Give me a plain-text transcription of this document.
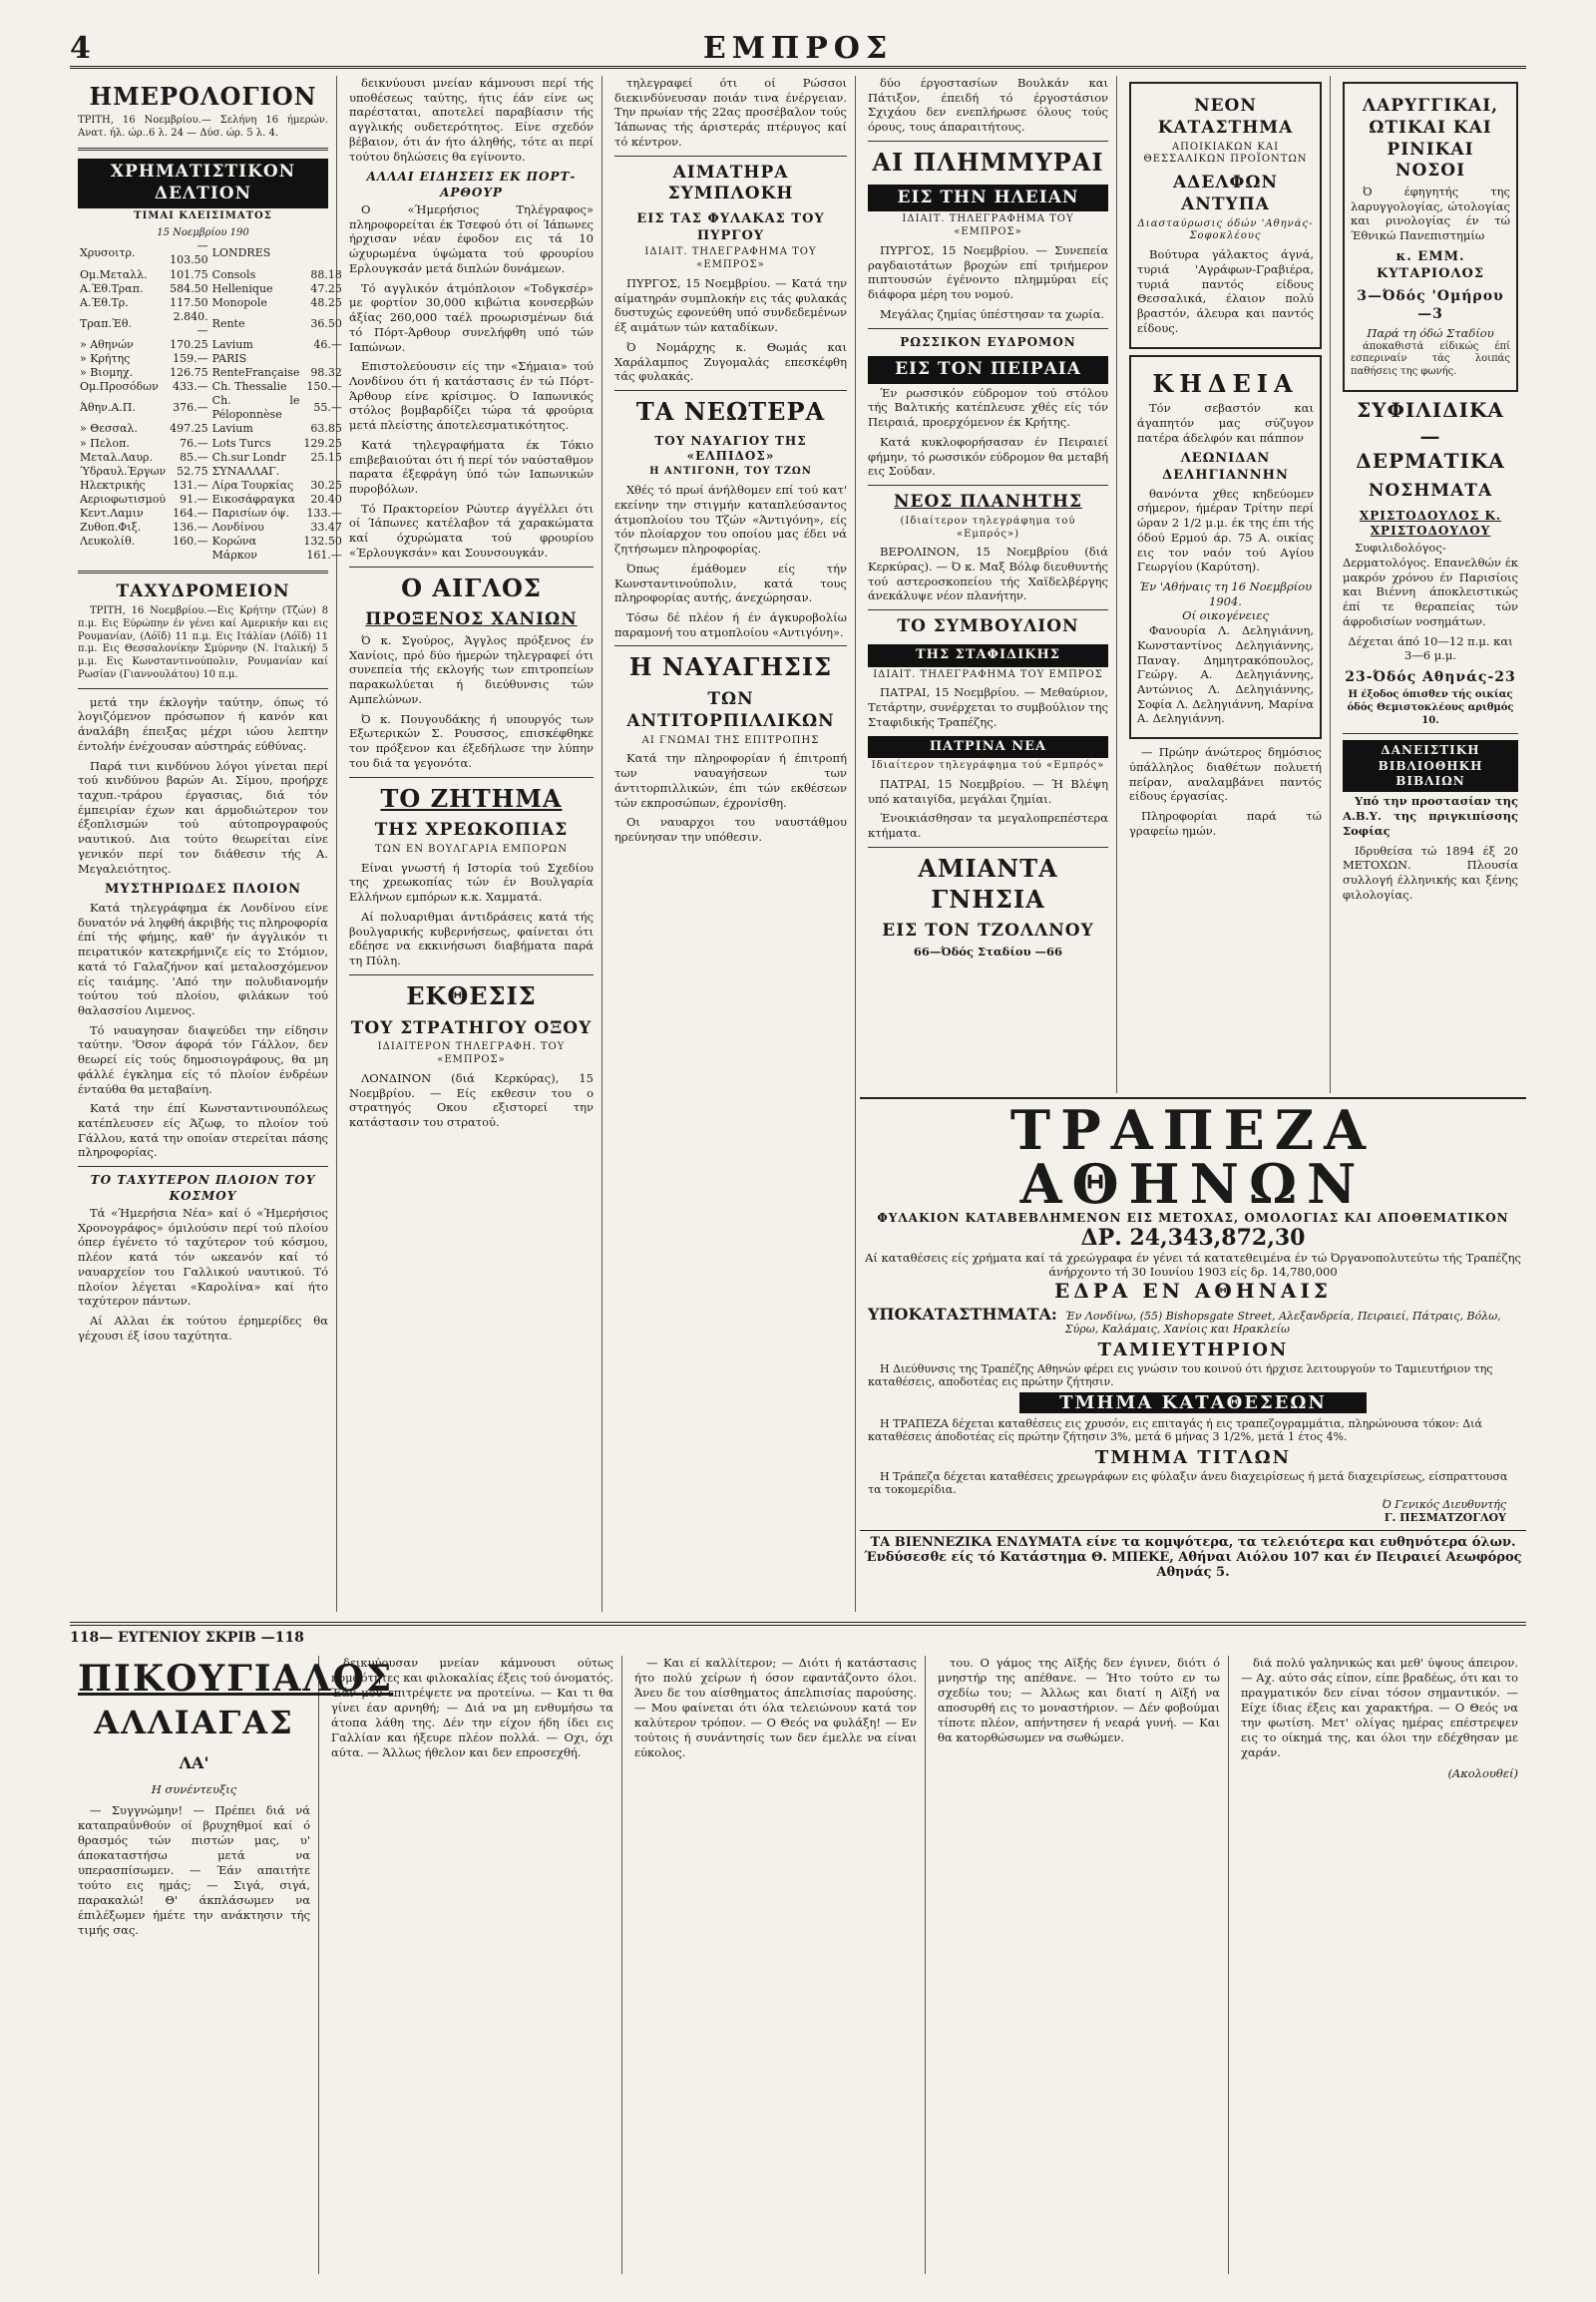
4	ΕΜΠΡΟΣ
ΗΜΕΡΟΛΟΓΙΟΝ
ΤΡΙΤΗ, 16 Νοεμβρίου.— Σελήνη 16 ήμερών. Ανατ. ήλ. ώρ..6 λ. 24 — Δύσ. ώρ. 5 λ. 4.
ΧΡΗΜΑΤΙΣΤΙΚΟΝ ΔΕΛΤΙΟΝ
ΤΙΜΑΙ ΚΛΕΙΣΙΜΑΤΟΣ
15 Νοεμβρίου 190
Χρυσοιτρ.	—103.50	LONDRES	
Ομ.Μεταλλ.	101.75	Consols	88.18
Α.Έθ.Τραπ.	584.50	Hellenique	47.25
Α.Έθ.Τρ.	117.50	Monopole	48.25
Τραπ.Έθ.	2.840.—	Rente	36.50
» Αθηνών	170.25	Lavium	46.—
» Κρήτης	159.—	PARIS	
» Βιομηχ.	126.75	RenteFrançaise	98.32
Ομ.Προσόδων	433.—	Ch. Thessalie	150.—
Άθην.Α.Π.	376.—	Ch. le Péloponnèse	55.—
» Θεσσαλ.	497.25	Lavium	63.85
» Πελοπ.	76.—	Lots Turcs	129.25
Μεταλ.Λαυρ.	85.—	Ch.sur Londr	25.15
Ύδραυλ.Έργων	52.75	ΣΥΝΑΛΛΑΓ.	
Ηλεκτρικής	131.—	Λίρα Τουρκίας	30.25
Αεριοφωτισμού	91.—	Εικοσάφραγκα	20.40
Κεντ.Λαμιν	164.—	Παρισίων όψ.	133.—
Ζυθοπ.Φιξ.	136.—	Λονδίνου	33.47
Λευκολίθ.	160.—	Κορώνα	132.50
		Μάρκον	161.—
ΤΑΧΥΔΡΟΜΕΙΟΝ

ΤΡΙΤΗ, 16 Νοεμβρίου.—Εις Κρήτην (Τζών) 8 π.μ. Εις Εύρώπην έν γένει καί Αμερικήν και εις Ρουμανίαν, (Λόϊδ) 11 π.μ. Εις Ιτάλίαν (Λόϊδ) 11 π.μ. Εις Θεσσαλονίκην Σμύρνην (Ν. Ιταλική) 5 μ.μ. Εις Κωνσταντινούπολιν, Ρουμανίαν καί Ρωσίαν (Γιαννουλάτου) 10 π.μ.

μετά την έκλογήν ταύτην, όπως τό λογιζόμενον πρόσωπον ή κανόν και άναλάβη έπειξας μέχρι ιώου λεπτην έντολήν ένέχουσαν αύστηράς εύθύνας.

Παρά τινι κινδύνου λόγοι γίνεται περί τού κινδύνου βαρών Αι. Σίμου, προήρχε ταχυπ.-τράρου έργασιας, διά τόν έμπειρίαν έχων και άρμοδιώτερον τον έξοπλισμών τού αύτοπρογραφούς ναυτικού. Δια τούτο θεωρείται είνε γενικόν περί τον διάθεσιν τής Α. Μεγαλειότητος.

ΜΥΣΤΗΡΙΩΔΕΣ ΠΛΟΙΟΝ

Κατά τηλεγράφημα έκ Λονδίνου είνε δυνατόν νά ληφθή άκριβής τις πληροφορία έπί τής φήμης, καθ' ήν άγγλικόν τι πειρατικόν κατεκρήμνιζε είς το Στόμιον, κατά τό Γαλαζήνον καί μεταλοσχόμενον είς ταιάμης. 'Από την πολυδιανομήν τούτου τού πλοίου, φιλάκων τού θαλασσίου Λιμενος.

Τό ναυαγησαν διαψεύδει την είδησιν ταύτην. 'Όσον άφορά τόν Γάλλον, δεν θεωρεί είς τούς δημοσιογράφους, θα μη φάλλέ έγκλημα είς τό πλοίον ένδρέων ένταύθα θα μεταβαίνη.

Κατά την έπί Κωνσταντινουπόλεως κατέπλευσεν είς Άζωφ, το πλοίον τού Γάλλου, κατά την οποίαν στερείται πάσης πληροφορίας.

ΤΟ ΤΑΧΥΤΕΡΟΝ ΠΛΟΙΟΝ ΤΟΥ ΚΟΣΜΟΥ

Τά «Ήμερήσια Νέα» καί ό «Ήμερήσιος Χρονογράφος» όμιλούσιν περί τού πλοίου όπερ έγένετο τό ταχύτερον τού κόσμου, πλέον κατά τόν ωκεανόν καί τό ναυαρχείον του Γαλλικού ναυτικού. Τό πλοίον λέγεται «Καρολίνα» καί ήτο ταχύτερον πάντων.

Αί Αλλαι έκ τούτου έρημερίδες θα γέχουσι έξ ίσου ταχύτητα.

δεικνύουσι μνείαν κάμνουσι περί τής υποθέσεως ταύτης, ήτις έάν είνε ως παρέσταται, αποτελεί παραβίασιν τής αγγλικής ουδετερότητος. Είνε σχεδόν βέβαιον, ότι άν ήτο άληθής, τότε αι περί τούτου δηλώσεις θα εγίνοντο.

ΑΛΛΑΙ ΕΙΔΗΣΕΙΣ ΕΚ ΠΟΡΤ-ΑΡΘΟΥΡ

Ο «Ήμερήσιος Τηλέγραφος» πληροφορείται έκ Τσεφού ότι οί Ίάπωνες ήρχισαν νέαν έφοδον εις τά 10 ώχυρωμένα ύψώματα τού φρουρίου Ερλουγκσάν μετά διπλών δυνάμεων.

Τό αγγλικόν άτμόπλοιον «Τοδγκσέρ» με φορτίον 30,000 κιβώτια κονσερβών άξίας 260,000 ταέλ προωρισμένων διά τό Πόρτ-Άρθουρ συνελήφθη υπό τών Ιαπώνων.

Επιστολεύουσιν είς την «Σήμαια» τού Λονδίνου ότι ή κατάστασις έν τώ Πόρτ-Άρθουρ είνε κρίσιμος. Ό Ιαπωνικός στόλος βομβαρδίζει τώρα τά φρούρια μετά πλείστης άποτελεσματικότητος.

Κατά τηλεγραφήματα έκ Τόκιο επιβεβαιούται ότι ή περί τόν ναύσταθμον παρατα έξεφράγη ύπό τών Ιαπωνικών πυροβόλων.

Τό Πρακτορείον Ρώυτερ άγγέλλει ότι οί Ίάπωνες κατέλαβον τά χαρακώματα καί όχυρώματα τού φρουρίου «Έρλουγκσάν» και Σουνσουγκάν.

Ο ΑΙΓΛΟΣ
ΠΡΟΞΕΝΟΣ ΧΑΝΙΩΝ

Ό κ. Σγούρος, Άγγλος πρόξενος έν Χανίοις, πρό δύο ήμερών τηλεγραφεί ότι συνεπεία τής εκλογής των επιτροπείων παρακωλύεται ή διεύθυνσις τών Αμπελώνων.

Ό κ. Πουγουδάκης ή υπουργός των Εξωτερικών Σ. Ρουσσος, επισκέφθηκε τον πρόξενον και έξεδήλωσε την λύπην του διά τα γεγονότα.

ΤΟ ΖΗΤΗΜΑ
ΤΗΣ ΧΡΕΩΚΟΠΙΑΣ
ΤΩΝ ΕΝ ΒΟΥΛΓΑΡΙΑ ΕΜΠΟΡΩΝ

Είναι γνωστή ή Ιστορία τού Σχεδίου της χρεωκοπίας τών έν Βουλγαρία Ελλήνων εμπόρων κ.κ. Χαμματά.

Αί πολυαριθμαι άντιδράσεις κατά τής βουλγαρικής κυβερνήσεως, φαίνεται ότι εδέησε να εκκινήσωσι διαβήματα παρά τη Πύλη.

ΕΚΘΕΣΙΣ
ΤΟΥ ΣΤΡΑΤΗΓΟΥ ΟΞΟΥ
ΙΔΙΑΙΤΕΡΟΝ ΤΗΛΕΓΡΑΦΗ. ΤΟΥ «ΕΜΠΡΟΣ»

ΛΟΝΔΙΝΟΝ (διά Κερκύρας), 15 Νοεμβρίου. — Είς εκθεσιν του ο στρατηγός Οκου εξιστορεί την κατάστασιν του στρατού.

τηλεγραφεί ότι οί Ρώσσοι διεκινδύνευσαν ποιάν τινα ένέργειαν. Την πρωίαν τής 22ας προσέβαλον τούς Ίάπωνας τής άριστεράς πτέρυγος καί τό κέντρον.

ΑΙΜΑΤΗΡΑ ΣΥΜΠΛΟΚΗ
ΕΙΣ ΤΑΣ ΦΥΛΑΚΑΣ ΤΟΥ ΠΥΡΓΟΥ
ΙΔΙΑΙΤ. ΤΗΛΕΓΡΑΦΗΜΑ ΤΟΥ «ΕΜΠΡΟΣ»

ΠΥΡΓΟΣ, 15 Νοεμβρίου. — Κατά την αίματηράν συμπλοκήν εις τάς φυλακάς δυστυχώς εφονεύθη υπό συνδεδεμένων έξ αιμάτων τών καταδίκων.

Ό Νομάρχης κ. Θωμάς και Χαράλαμπος Ζυγομαλάς επεσκέφθη τάς φυλακάς.

ΤΑ ΝΕΩΤΕΡΑ
ΤΟΥ ΝΑΥΑΓΙΟΥ ΤΗΣ «ΕΛΠΙΔΟΣ»
Η ΑΝΤΙΓΟΝΗ, ΤΟΥ ΤΖΩΝ

Χθές τό πρωί άνήλθομεν επί τού κατ' εκείνην την στιγμήν καταπλεύσαντος άτμοπλοίου του Τζών «Άντιγόνη», είς τόν πλοίαρχον του οποίου μας έδει νά ζητήσωμεν πληροφορίας.

Όπως έμάθομεν είς τήν Κωνσταντινούπολιν, κατά τους πληροφορίας αυτής, άνεχώρησαν.

Τόσω δέ πλέον ή έν άγκυροβολίω παραμονή του ατμοπλοίου «Αντιγόνη».

Η ΝΑΥΑΓΗΣΙΣ
ΤΩΝ ΑΝΤΙΤΟΡΠΙΛΛΙΚΩΝ
ΑΙ ΓΝΩΜΑΙ ΤΗΣ ΕΠΙΤΡΟΠΗΣ

Κατά την πληροφορίαν ή έπιτροπή των ναυαγήσεων των άντιτορπιλλικών, έπι τών εκθέσεων τών εκπροσώπων, έχρονίσθη.

Οι ναυαρχοι του ναυστάθμου ηρεύνησαν την υπόθεσιν.

δύο έργοστασίων Βουλκάν και Πάτιξον, έπειδή τό έργοστάσιον Σχιχάου δεν ενεπλήρωσε όλους τούς όρους, τους άπαραιτήτους.

ΑΙ ΠΛΗΜΜΥΡΑΙ
ΕΙΣ ΤΗΝ ΗΛΕΙΑΝ
ΙΔΙΑΙΤ. ΤΗΛΕΓΡΑΦΗΜΑ ΤΟΥ «ΕΜΠΡΟΣ»

ΠΥΡΓΟΣ, 15 Νοεμβρίου. — Συνεπεία ραγδαιοτάτων βροχών επί τριήμερον πιπτουσών έγένοντο πλημμύραι είς διάφορα μέρη του νομού.

Μεγάλας ζημίας ύπέστησαν τα χωρία.

ΡΩΣΣΙΚΟΝ ΕΥΔΡΟΜΟΝ
ΕΙΣ ΤΟΝ ΠΕΙΡΑΙΑ

Έν ρωσσικόν εύδρομον τού στόλου τής Βαλτικής κατέπλευσε χθές είς τόν Πειραιά, προερχόμενον έκ Κρήτης.

Κατά κυκλοφορήσασαν έν Πειραιεί φήμην, τό ρωσσικόν εύδρομον θα μεταβή εις Σούδαν.

ΝΕΟΣ ΠΛΑΝΗΤΗΣ
(Ιδιαίτερον τηλεγράφημα τού «Εμπρός»)

ΒΕΡΟΛΙΝΟΝ, 15 Νοεμβρίου (διά Κερκύρας). — Ό κ. Μαξ Βόλφ διευθυντής τού αστεροσκοπείου τής Χαϊδελβέργης άνεκάλυψε νέον πλανήτην.

ΤΟ ΣΥΜΒΟΥΛΙΟΝ
ΤΗΣ ΣΤΑΦΙΔΙΚΗΣ
ΙΔΙΑΙΤ. ΤΗΛΕΓΡΑΦΗΜΑ ΤΟΥ ΕΜΠΡΟΣ

ΠΑΤΡΑΙ, 15 Νοεμβρίου. — Μεθαύριον, Τετάρτην, συνέρχεται το συμβούλιον της Σταφιδικής Τραπέζης.

ΠΑΤΡΙΝΑ ΝΕΑ
Ιδιαίτερον τηλεγράφημα τού «Εμπρός»

ΠΑΤΡΑΙ, 15 Νοεμβρίου. — Ή Βλέψη υπό καταιγίδα, μεγάλαι ζημίαι.

Ένοικιάσθησαν τα μεγαλοπρεπέστερα κτήματα.

ΑΜΙΑΝΤΑ ΓΝΗΣΙΑ
ΕΙΣ ΤΟΝ ΤΖΟΛΛΝΟΥ
66—Όδός Σταδίου —66
ΝΕΟΝ ΚΑΤΑΣΤΗΜΑ
ΑΠΟΙΚΙΑΚΩΝ ΚΑΙ ΘΕΣΣΑΛΙΚΩΝ ΠΡΟΪΟΝΤΩΝ
ΑΔΕΛΦΩΝ ΑΝΤΥΠΑ
Διασταύρωσις όδών 'Αθηνάς-Σοφοκλέους

Βούτυρα γάλακτος άγνά, τυριά 'Αγράφων-Γραβιέρα, τυριά παντός είδους Θεσσαλικά, έλαιον πολύ βραστόν, άλευρα και παντός είδους.

ΚΗΔΕΙΑ

Τόν σεβαστόν και άγαπητόν μας σύζυγον πατέρα άδελφόν και πάππον

ΛΕΩΝΙΔΑΝ ΔΕΛΗΓΙΑΝΝΗΝ

θανόντα χθες κηδεύομεν σήμερον, ήμέραν Τρίτην περί ώραν 2 1/2 μ.μ. έκ της έπι τής όδού Ερμού άρ. 75 Α. οικίας εις τον ναόν τού Αγίου Γεωργίου (Καρύτση).

Έν 'Αθήναις τη 16 Νοεμβρίου 1904.
Οί οικογένειες

Φανουρία Λ. Δεληγιάννη, Κωνσταντίνος Δεληγιάννης, Παναγ. Δημητρακόπουλος, Γεώργ. Α. Δεληγιάννης, Αντώνιος Λ. Δεληγιάννης, Σοφία Λ. Δεληγιάννη, Μαρίνα Α. Δεληγιάννη.

— Πρώην άνώτερος δημόσιος ύπάλληλος διαθέτων πολυετή πείραν, αναλαμβάνει παντός είδους έργασίας.

Πληροφορίαι παρά τώ γραφείω ημών.

ΛΑΡΥΓΓΙΚΑΙ, ΩΤΙΚΑΙ ΚΑΙ ΡΙΝΙΚΑΙ ΝΟΣΟΙ

Ό έφηγητής της λαρυγγολογίας, ώτολογίας και ρινολογίας έν τώ Έθνικώ Πανεπιστημίω

κ. ΕΜΜ. ΚΥΤΑΡΙΟΛΟΣ
3—Όδός 'Ομήρου—3
Παρά τη όδώ Σταδίου

άποκαθιστά είδικώς έπί εσπεριναίν τάς λοιπάς παθήσεις της φωνής.

ΣΥΦΙΛΙΔΙΚΑ — ΔΕΡΜΑΤΙΚΑ
ΝΟΣΗΜΑΤΑ
ΧΡΙΣΤΟΔΟΥΛΟΣ Κ. ΧΡΙΣΤΟΔΟΥΛΟΥ

Συφιλιδολόγος-Δερματολόγος. Επανελθών έκ μακρόν χρόνου έν Παρισίοις και Βιέννη άποκλειστικώς έπί τε θεραπείας τών άφροδισίων νοσημάτων.

Δέχεται άπό 10—12 π.μ. και 3—6 μ.μ.
23-Όδός Αθηνάς-23
Η έξοδος όπισθεν τής οικίας όδός Θεμιστοκλέους αριθμός 10.
ΔΑΝΕΙΣΤΙΚΗ ΒΙΒΛΙΟΘΗΚΗ ΒΙΒΛΙΩΝ

Υπό την προστασίαν της Α.Β.Υ. της πριγκιπίσσης Σοφίας

Ιδρυθείσα τώ 1894 έξ 20 ΜΕΤΟΧΩΝ. Πλουσία συλλογή έλληνικής και ξένης φιλολογίας.

ΤΡΑΠΕΖΑ ΑΘΗΝΩΝ
ΦΥΛΑΚΙΟΝ ΚΑΤΑΒΕΒΛΗΜΕΝΟΝ ΕΙΣ ΜΕΤΟΧΑΣ, ΟΜΟΛΟΓΙΑΣ ΚΑΙ ΑΠΟΘΕΜΑΤΙΚΟΝ
ΔΡ. 24,343,872,30
Αί καταθέσεις είς χρήματα καί τά χρεώγραφα έν γένει τά κατατεθειμένα έν τώ Όργανοπολυτεύτω τής Τραπέζης άνήρχοντο τή 30 Ιουνίου 1903 είς δρ. 14,780,000
ΕΔΡΑ ΕΝ ΑΘΗΝΑΙΣ
ΥΠΟΚΑΤΑΣΤΗΜΑΤΑ: Έν Λονδίνω, (55) Bishopsgate Street, Αλεξανδρεία, Πειραιεί, Πάτραις, Βόλω, Σύρω, Καλάμαις, Χανίοις και Ηρακλείω
ΤΑΜΙΕΥΤΗΡΙΟΝ

Η Διεύθυνσις της Τραπέζης Αθηνών φέρει εις γνώσιν του κοινού ότι ήρχισε λειτουργούν το Ταμιευτήριον της καταθέσεις, αποδοτέας εις πρώτην ζήτησιν.

ΤΜΗΜΑ ΚΑΤΑΘΕΣΕΩΝ

Η ΤΡΑΠΕΖΑ δέχεται καταθέσεις εις χρυσόν, εις επιταγάς ή εις τραπεζογραμμάτια, πληρώνουσα τόκον: Διά καταθέσεις άποδοτέας είς πρώτην ζήτησιν 3%, μετά 6 μήνας 3 1/2%, μετά 1 έτος 4%.

ΤΜΗΜΑ ΤΙΤΛΩΝ

Η Τράπεζα δέχεται καταθέσεις χρεωγράφων εις φύλαξιν άνευ διαχειρίσεως ή μετά διαχειρίσεως, είσπραττουσα τα τοκομερίδια.

Ό Γενικός Διευθυντής
Γ. ΠΕΣΜΑΤΖΟΓΛΟΥ
ΤΑ ΒΙΕΝΝΕΖΙΚΑ ΕΝΔΥΜΑΤΑ είνε τα κομψότερα, τα τελειότερα και ευθηνότερα όλων. Ένδύσεσθε είς τό Κατάστημα Θ. ΜΠΕΚΕ, Αθήναι Αιόλου 107 και έν Πειραιεί Αεωφόρος Αθηνάς 5.
118— ΕΥΓΕΝΙΟΥ ΣΚΡΙΒ —118
ΠΙΚΟΥΓΙΑΛΟΣ
ΑΛΛΙΑΓΑΣ
ΛΑ'
Η συνέντευξις

— Συγγνώμην! — Πρέπει διά νά καταπραΰνθούν οί βρυχηθμοί καί ό θρασμός τών πιστών μας, υ' άποκαταστήσω μετά να υπερασπίσωμεν. — Έάν απαιτήτε τούτο εις ημάς; — Σιγά, σιγά, παρακαλώ! Θ' άκπλάσωμεν να έπιλέξωμεν ήμέτε την ανάκτησιν τής τιμής σας.

δεικνύουσαν μνείαν κάμνουσι ούτως κομφότητες και φιλοκαλίας έξεις τού όνοματός. Έάν μου επιτρέψετε να προτείνω. — Και τι θα γίνει έαν αρνηθή; — Διά να μη ενθυμήσω τα άτοπα λάθη της. Δέν την είχον ήδη ίδει εις Γαλλίαν και ήξευρε πλέον πολλά. — Οχι, όχι αύτα. — Άλλως ήθελον και δεν επροσεχθή.

— Και εί καλλίτερον; — Διότι ή κατάστασις ήτο πολύ χείρων ή όσον εφαντάζοντο όλοι. Άνευ δε του αίσθηματος άπελπισίας παρούσης. — Μου φαίνεται ότι όλα τελειώνουν κατά τον καλύτερον τρόπον. — Ο Θεός να φυλάξη! — Εν τούτοις ή συνάντησίς των δεν έμελλε να είναι εύκολος.

του. Ο γάμος της Αϊξής δεν έγινεν, διότι ό μνηστήρ της απέθανε. — Ήτο τούτο εν τω σχεδίω του; — Άλλως και διατί η Αϊξή να αποσυρθή εις το μοναστήριον. — Δέν φοβούμαι τίποτε πλέον, απήντησεν ή νεαρά γυνή. — Και θα κατορθώσωμεν να σωθώμεν.

διά πολύ γαληνικώς και μεθ' ύψους άπειρον. — Αχ. αύτο σάς είπον, είπε βραδέως, ότι και το πραγματικόν δεν είναι τόσον σημαντικόν. — Είχε ίδιας έξεις και χαρακτήρα. — Ο Θεός να την φωτίση. Μετ' ολίγας ημέρας επέστρεψεν εις το οίκημά της, και όλοι την εδέχθησαν με χαράν.

(Ακολουθεί)
